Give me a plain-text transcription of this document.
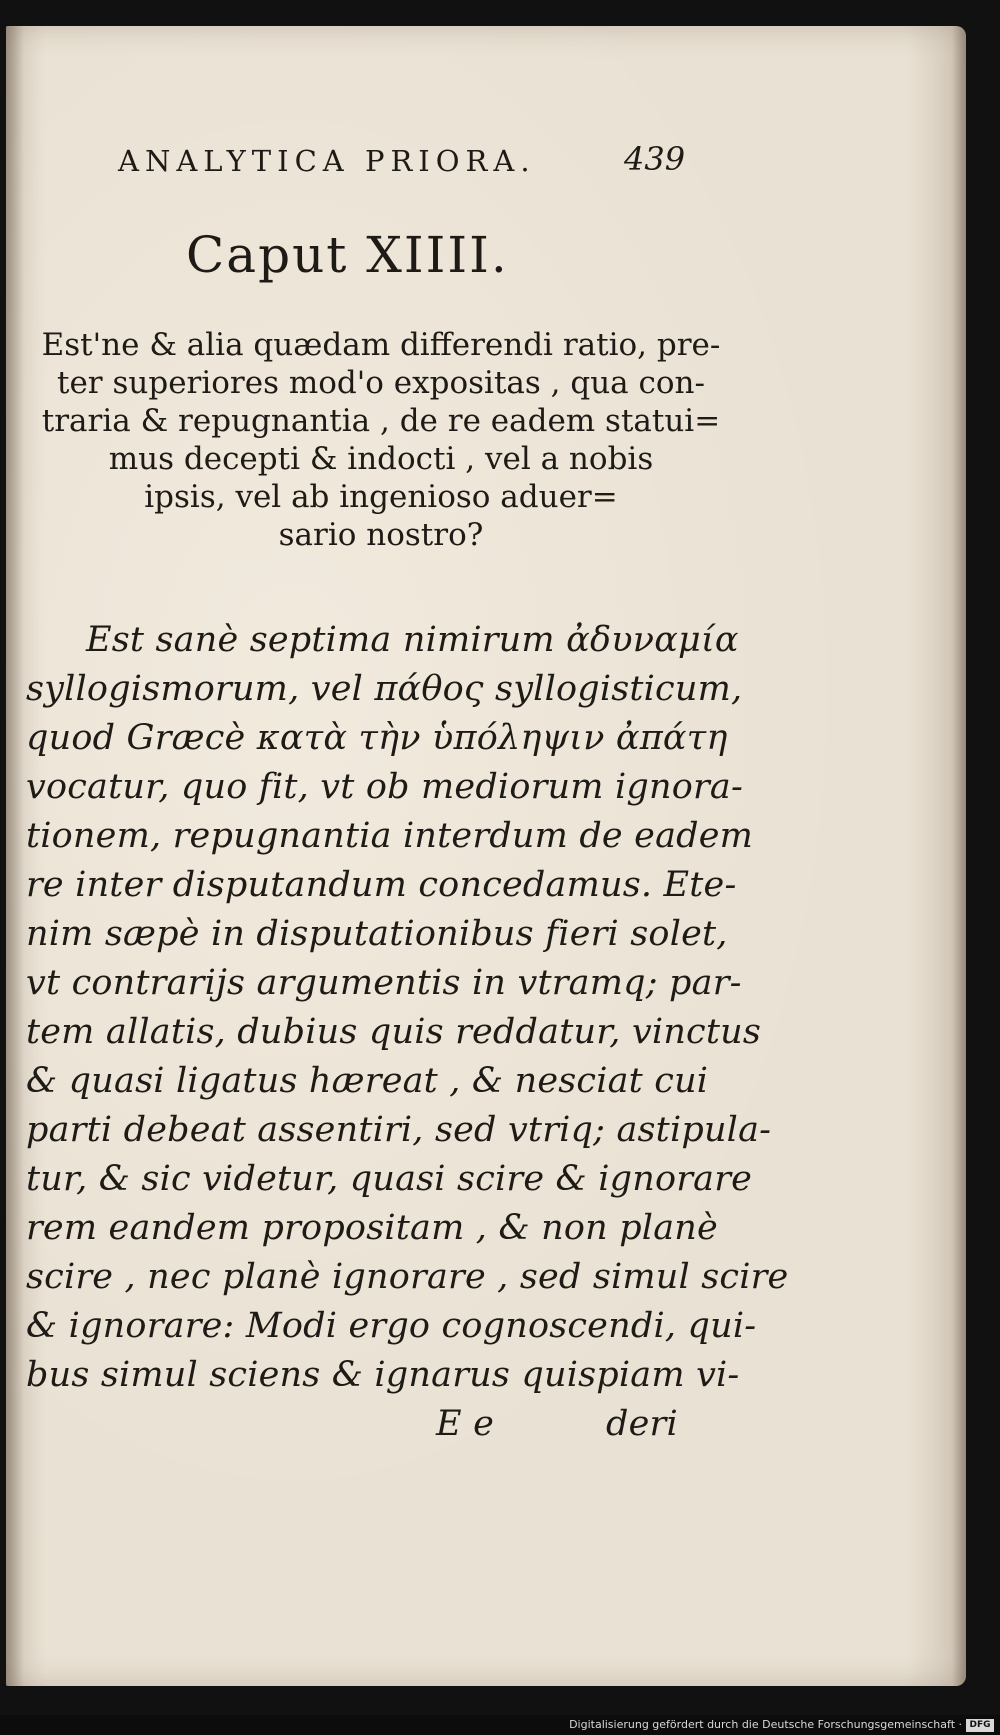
ANALYTICA PRIORA.	439
Caput XIIII.
Est'ne & alia quædam differendi ratio, pre-
ter superiores mod'o expositas , qua con-
traria & repugnantia , de re eadem statui=
mus decepti & indocti , vel a nobis
ipsis, vel ab ingenioso aduer=
sario nostro?
Est sanè septima nimirum ἀδυναμία
syllogismorum, vel πάθος syllogisticum,
quod Græcè κατὰ τὴν ὑπόληψιν ἀπάτη
vocatur, quo fit, vt ob mediorum ignora-
tionem, repugnantia interdum de eadem
re inter disputandum concedamus. Ete-
nim sæpè in disputationibus fieri solet,
vt contrarijs argumentis in vtramq; par-
tem allatis, dubius quis reddatur, vinctus
& quasi ligatus hæreat , & nesciat cui
parti debeat assentiri, sed vtriq; astipula-
tur, & sic videtur, quasi scire & ignorare
rem eandem propositam , & non planè
scire , nec planè ignorare , sed simul scire
& ignorare: Modi ergo cognoscendi, qui-
bus simul sciens & ignarus quispiam vi-
E e	deri
Digitalisierung gefördert durch die Deutsche Forschungsgemeinschaft · DFG
